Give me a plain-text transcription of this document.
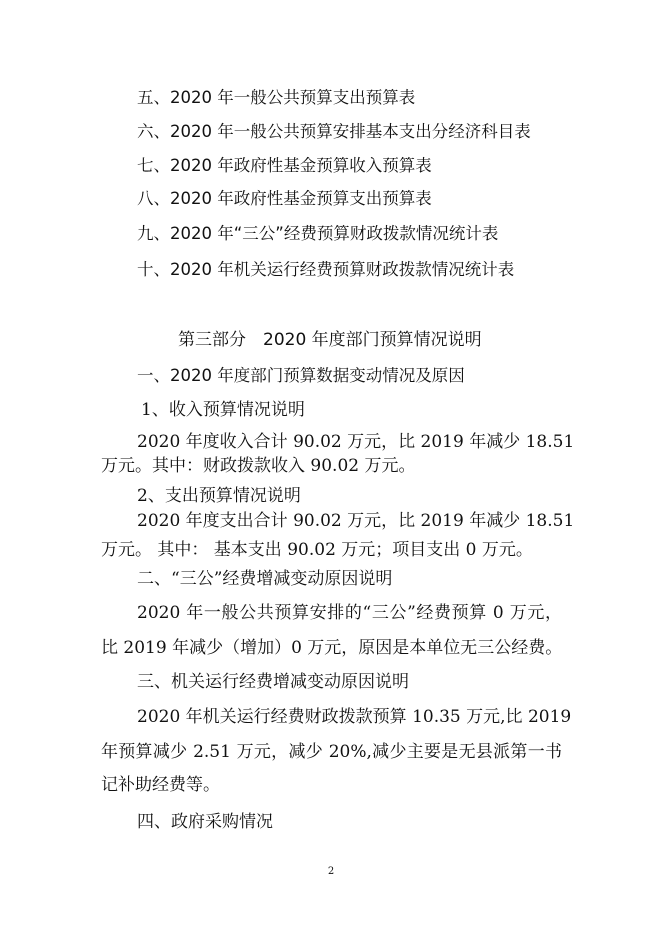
五、2020 年一般公共预算支出预算表
六、2020 年一般公共预算安排基本支出分经济科目表
七、2020 年政府性基金预算收入预算表
八、2020 年政府性基金预算支出预算表
九、2020 年“三公”经费预算财政拨款情况统计表
十、2020 年机关运行经费预算财政拨款情况统计表
第三部分　2020 年度部门预算情况说明
一、2020 年度部门预算数据变动情况及原因
1、收入预算情况说明
2020 年度收入合计 90.02 万元，比 2019 年减少 18.51
万元。其中：财政拨款收入 90.02 万元。
2、支出预算情况说明
2020 年度支出合计 90.02 万元，比 2019 年减少 18.51
万元。 其中： 基本支出 90.02 万元；项目支出 0 万元。
二、“三公”经费增减变动原因说明
2020 年一般公共预算安排的“三公”经费预算 0 万元，
比 2019 年减少（增加）0 万元，原因是本单位无三公经费。
三、机关运行经费增减变动原因说明
2020 年机关运行经费财政拨款预算 10.35 万元,比 2019
年预算减少 2.51 万元，减少 20%,减少主要是无县派第一书
记补助经费等。
四、政府采购情况
2
